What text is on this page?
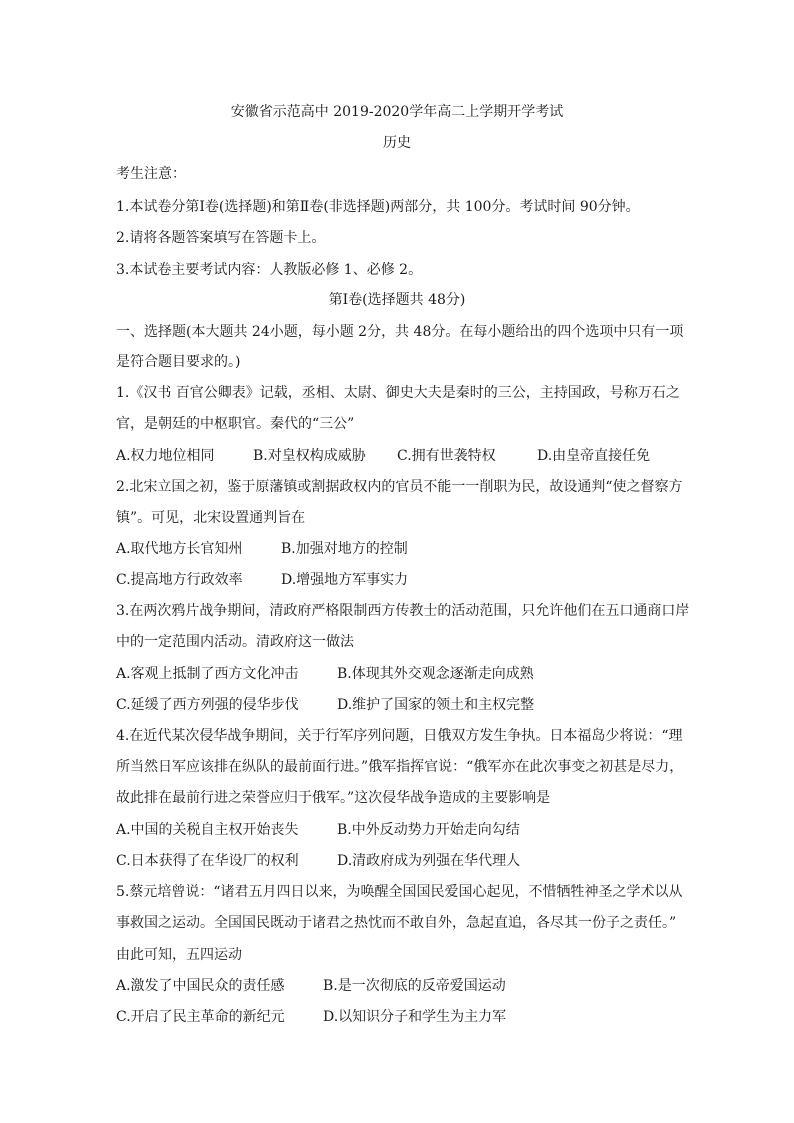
安徽省示范高中 2019-2020学年高二上学期开学考试
历史
考生注意：
1.本试卷分第Ⅰ卷(选择题)和第Ⅱ卷(非选择题)两部分，共 100分。考试时间 90分钟。
2.请将各题答案填写在答题卡上。
3.本试卷主要考试内容：人教版必修 1、必修 2。
第Ⅰ卷(选择题共 48分)
一、选择题(本大题共 24小题，每小题 2分，共 48分。在每小题给出的四个选项中只有一项
是符合题目要求的。)
1.《汉书 百官公卿表》记载，丞相、太尉、御史大夫是秦时的三公，主持国政，号称万石之
官，是朝廷的中枢职官。秦代的“三公”
A.权力地位相同	B.对皇权构成威胁 C.拥有世袭特权	D.由皇帝直接任免
2.北宋立国之初，鉴于原藩镇或割据政权内的官员不能一一削职为民，故设通判“使之督察方
镇”。可见，北宋设置通判旨在
A.取代地方长官知州	B.加强对地方的控制
C.提高地方行政效率	D.增强地方军事实力
3.在两次鸦片战争期间，清政府严格限制西方传教士的活动范围，只允许他们在五口通商口岸
中的一定范围内活动。清政府这一做法
A.客观上抵制了西方文化冲击	B.体现其外交观念逐渐走向成熟
C.延缓了西方列强的侵华步伐	D.维护了国家的领土和主权完整
4.在近代某次侵华战争期间，关于行军序列问题，日俄双方发生争执。日本福岛少将说：“理
所当然日军应该排在纵队的最前面行进。”俄军指挥官说：“俄军亦在此次事变之初甚是尽力，
故此排在最前行进之荣誉应归于俄军。”这次侵华战争造成的主要影响是
A.中国的关税自主权开始丧失	B.中外反动势力开始走向勾结
C.日本获得了在华设厂的权利	D.清政府成为列强在华代理人
5.蔡元培曾说：“诸君五月四日以来，为唤醒全国国民爱国心起见，不惜牺牲神圣之学术以从
事救国之运动。全国国民既动于诸君之热忱而不敢自外，急起直追，各尽其一份子之责任。”
由此可知，五四运动
A.激发了中国民众的责任感	B.是一次彻底的反帝爱国运动
C.开启了民主革命的新纪元	D.以知识分子和学生为主力军
